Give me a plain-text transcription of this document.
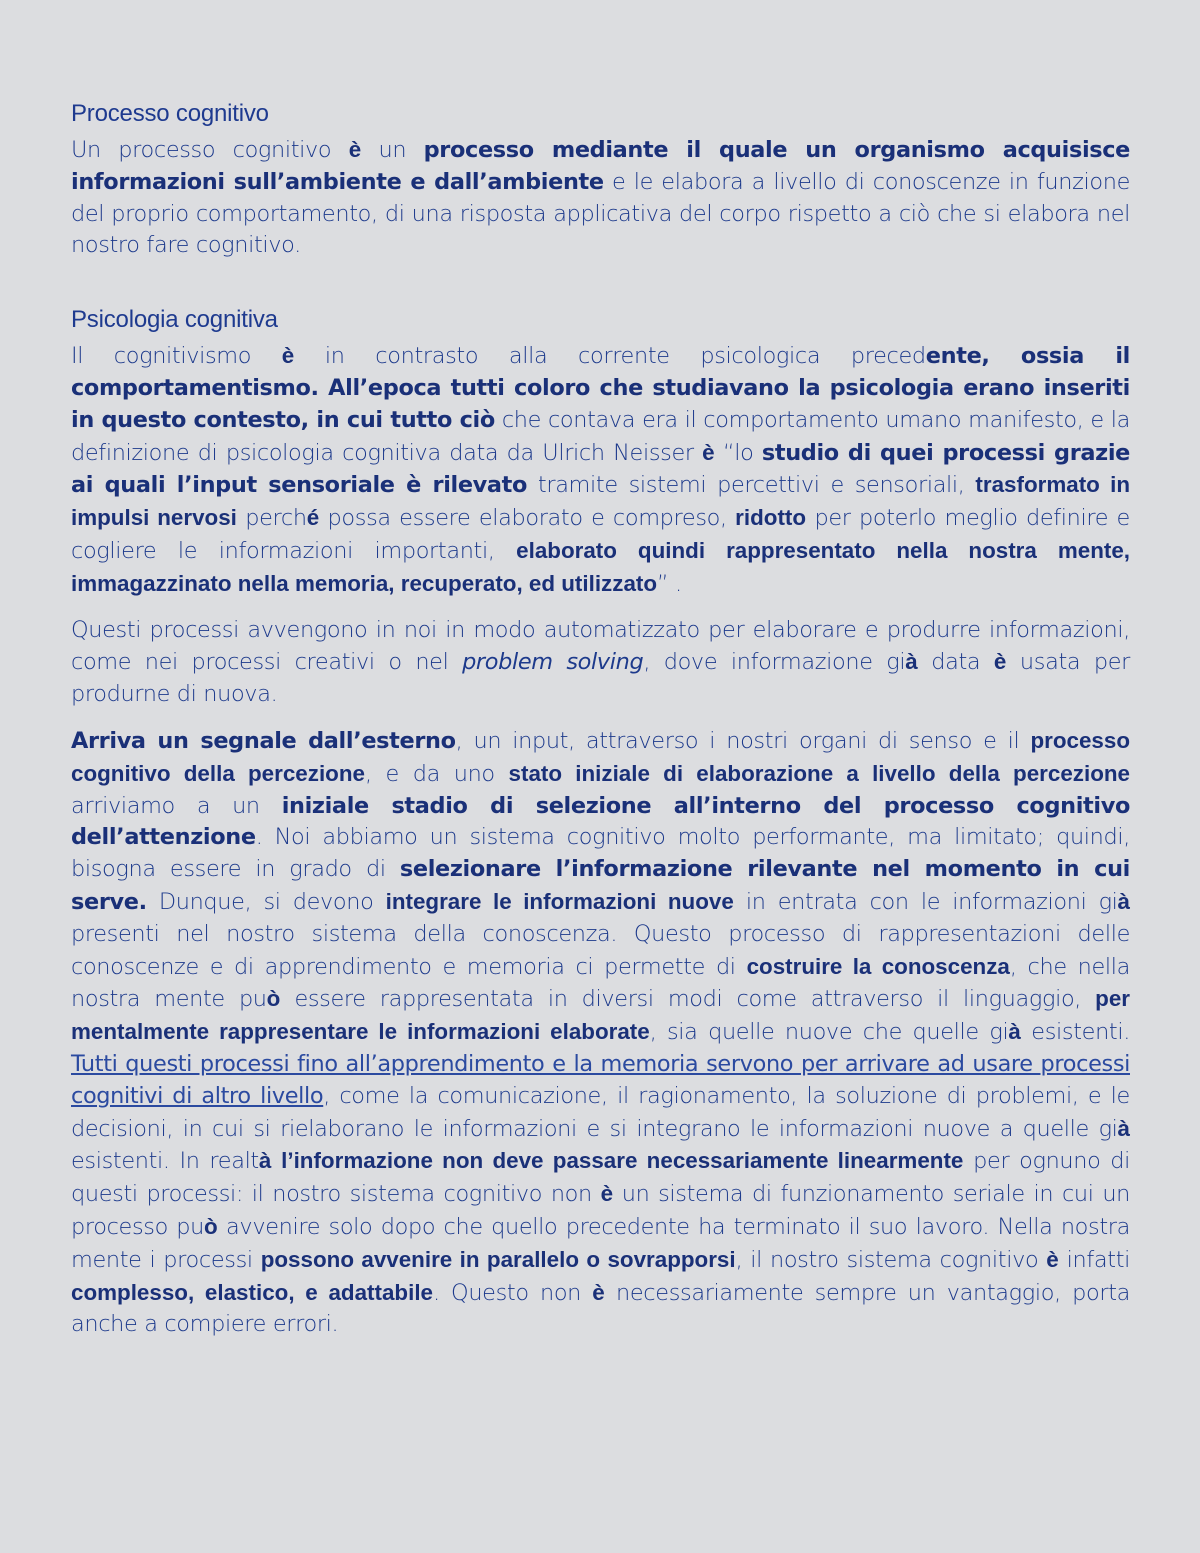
Processo cognitivo

Un processo cognitivo è un processo mediante il quale un organismo acquisisce informazioni sull’ambiente e dall’ambiente e le elabora a livello di conoscenze in funzione del proprio comportamento, di una risposta applicativa del corpo rispetto a ciò che si elabora nel nostro fare cognitivo.

Psicologia cognitiva

Il cognitivismo è in contrasto alla corrente psicologica precedente, ossia il comportamentismo. All’epoca tutti coloro che studiavano la psicologia erano inseriti in questo contesto, in cui tutto ciò che contava era il comportamento umano manifesto, e la definizione di psicologia cognitiva data da Ulrich Neisser è “lo studio di quei processi grazie ai quali l’input sensoriale è rilevato tramite sistemi percettivi e sensoriali, trasformato in impulsi nervosi perché possa essere elaborato e compreso, ridotto per poterlo meglio definire e cogliere le informazioni importanti, elaborato quindi rappresentato nella nostra mente, immagazzinato nella memoria, recuperato, ed utilizzato” .

Questi processi avvengono in noi in modo automatizzato per elaborare e produrre informazioni, come nei processi creativi o nel problem solving, dove informazione già data è usata per produrne di nuova.

Arriva un segnale dall’esterno, un input, attraverso i nostri organi di senso e il processo cognitivo della percezione, e da uno stato iniziale di elaborazione a livello della percezione arriviamo a un iniziale stadio di selezione all’interno del processo cognitivo dell’attenzione. Noi abbiamo un sistema cognitivo molto performante, ma limitato; quindi, bisogna essere in grado di selezionare l’informazione rilevante nel momento in cui serve. Dunque, si devono integrare le informazioni nuove in entrata con le informazioni già presenti nel nostro sistema della conoscenza. Questo processo di rappresentazioni delle conoscenze e di apprendimento e memoria ci permette di costruire la conoscenza, che nella nostra mente può essere rappresentata in diversi modi come attraverso il linguaggio, per mentalmente rappresentare le informazioni elaborate, sia quelle nuove che quelle già esistenti. Tutti questi processi fino all’apprendimento e la memoria servono per arrivare ad usare processi cognitivi di altro livello, come la comunicazione, il ragionamento, la soluzione di problemi, e le decisioni, in cui si rielaborano le informazioni e si integrano le informazioni nuove a quelle già esistenti. In realtà l’informazione non deve passare necessariamente linearmente per ognuno di questi processi: il nostro sistema cognitivo non è un sistema di funzionamento seriale in cui un processo può avvenire solo dopo che quello precedente ha terminato il suo lavoro. Nella nostra mente i processi possono avvenire in parallelo o sovrapporsi, il nostro sistema cognitivo è infatti complesso, elastico, e adattabile. Questo non è necessariamente sempre un vantaggio, porta anche a compiere errori.
